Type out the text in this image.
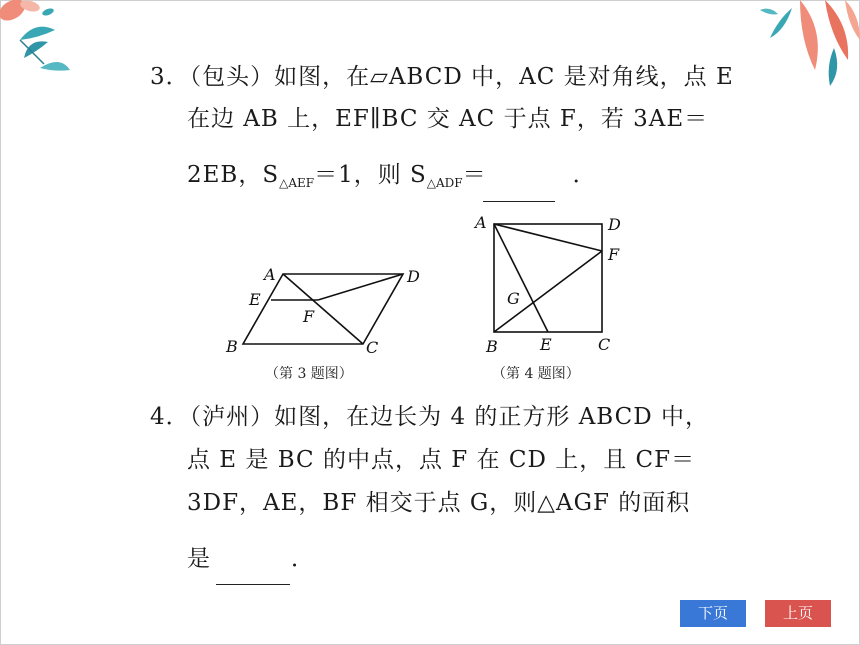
3．（包头）如图，在▱ABCD 中，AC 是对角线，点 E
在边 AB 上，EF∥BC 交 AC 于点 F，若 3AE＝
2EB，$S_{\triangle AEF}=1$，则 $S_{\triangle ADF}=$	．
A	D
E
F
B	C
（第 3 题图）
A	D
F
G
B	E	C
（第 4 题图）
4．（泸州）如图，在边长为 4 的正方形 ABCD 中，
点 E 是 BC 的中点，点 F 在 CD 上，且 CF＝
3DF，AE，BF 相交于点 G，则△AGF 的面积
是	．
下页	上页
